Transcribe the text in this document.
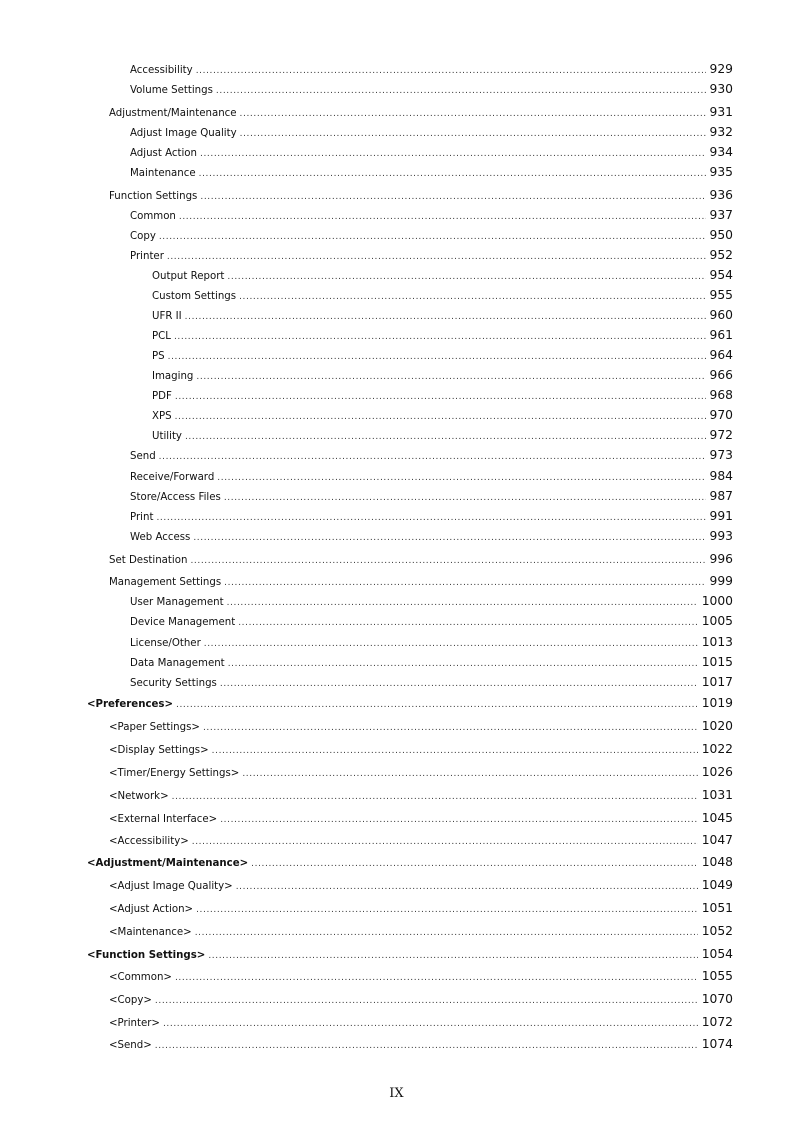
Accessibility .....	929
Volume Settings .....	930
Adjustment/Maintenance .....	931
Adjust Image Quality .....	932
Adjust Action .....	934
Maintenance .....	935
Function Settings .....	936
Common .....	937
Copy .....	950
Printer .....	952
Output Report .....	954
Custom Settings .....	955
UFR II .....	960
PCL .....	961
PS .....	964
Imaging .....	966
PDF .....	968
XPS .....	970
Utility .....	972
Send .....	973
Receive/Forward .....	984
Store/Access Files .....	987
Print .....	991
Web Access .....	993
Set Destination .....	996
Management Settings .....	999
User Management .....	1000
Device Management .....	1005
License/Other .....	1013
Data Management .....	1015
Security Settings .....	1017
<Preferences> .....	1019
<Paper Settings> .....	1020
<Display Settings> .....	1022
<Timer/Energy Settings> .....	1026
<Network> .....	1031
<External Interface> .....	1045
<Accessibility> .....	1047
<Adjustment/Maintenance> .....	1048
<Adjust Image Quality> .....	1049
<Adjust Action> .....	1051
<Maintenance> .....	1052
<Function Settings> .....	1054
<Common> .....	1055
<Copy> .....	1070
<Printer> .....	1072
<Send> .....	1074
IX
